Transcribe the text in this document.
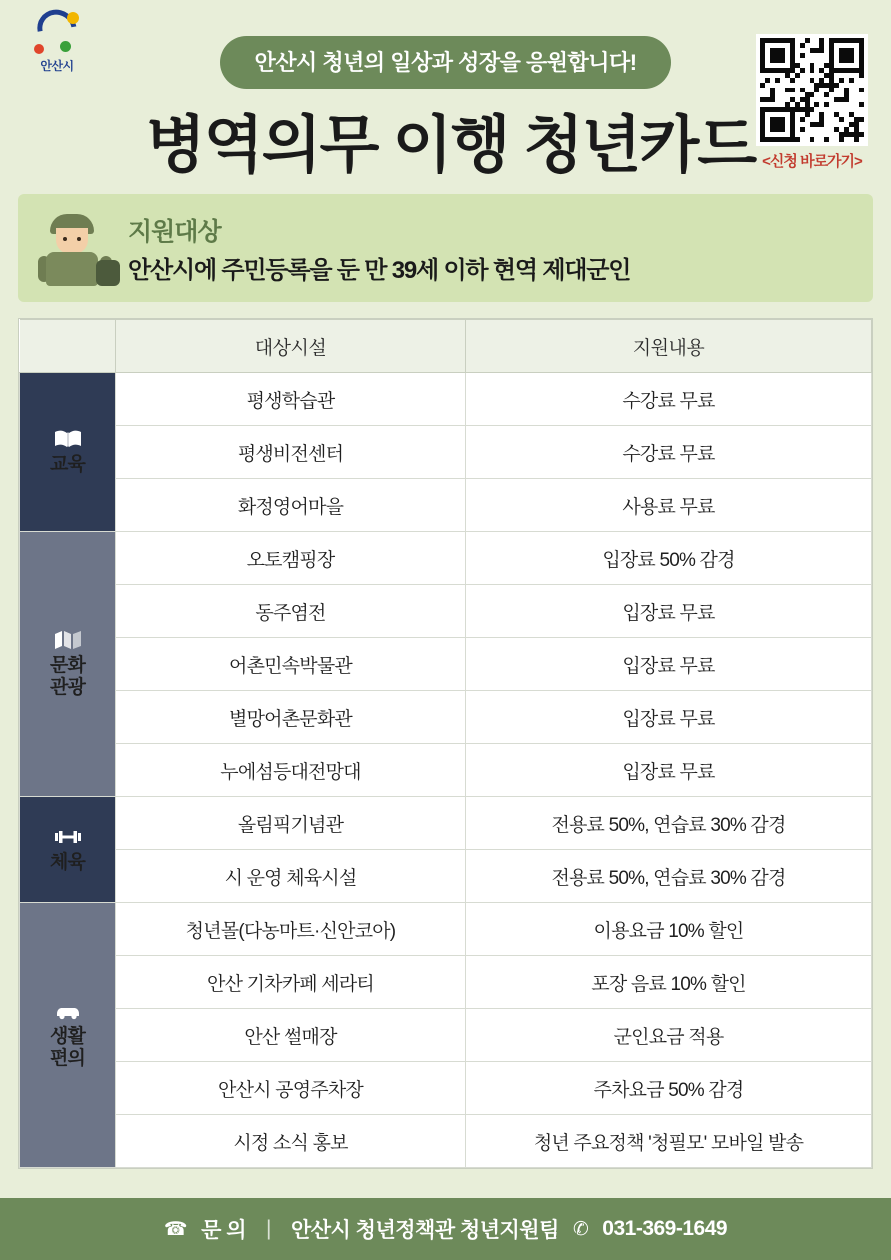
안산시	안산시 청년의 일상과 성장을 응원합니다!
병역의무 이행 청년카드 <신청 바로가기>
지원대상
안산시에 주민등록을 둔 만 39세 이하 현역 제대군인
	대상시설	지원내용

교육	평생학습관	수강료 무료
	평생비전센터	수강료 무료
	화정영어마을	사용료 무료

문화
관광	오토캠핑장	입장료 50% 감경
	동주염전	입장료 무료
	어촌민속박물관	입장료 무료
	별망어촌문화관	입장료 무료
	누에섬등대전망대	입장료 무료

체육	올림픽기념관	전용료 50%, 연습료 30% 감경
	시 운영 체육시설	전용료 50%, 연습료 30% 감경

생활
편의	청년몰(다농마트·신안코아)	이용요금 10% 할인
	안산 기차카페 세라티	포장 음료 10% 할인
	안산 썰매장	군인요금 적용
	안산시 공영주차장	주차요금 50% 감경
	시정 소식 홍보	청년 주요정책 '청필모' 모바일 발송
☎ 문 의 | 안산시 청년정책관 청년지원팀 ✆ 031-369-1649
